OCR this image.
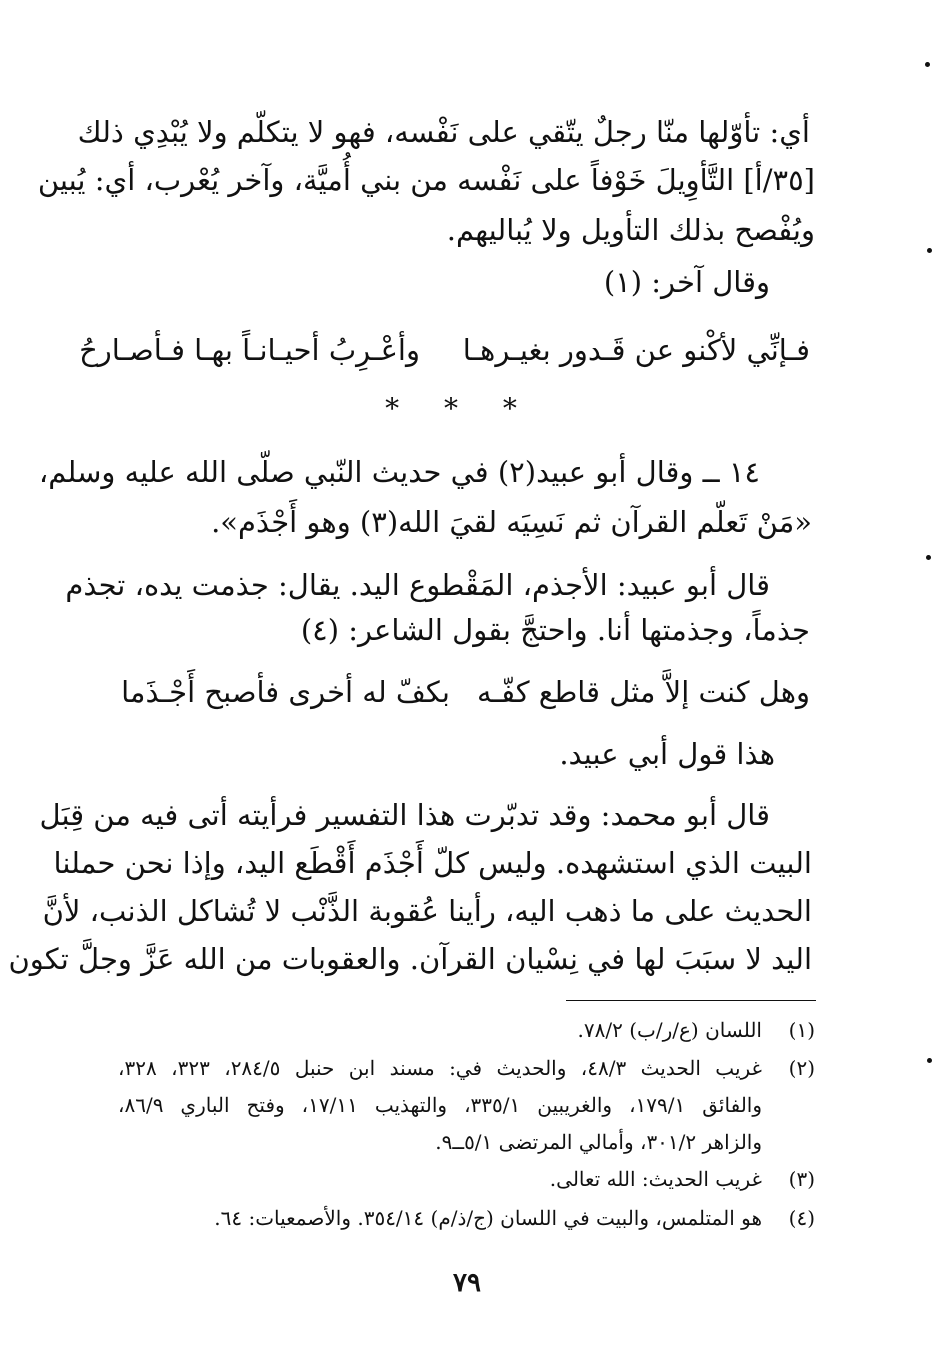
أي: تأوّلها منّا رجلٌ يتّقي على نَفْسه، فهو لا يتكلّم ولا يُبْدِي ذلك
[٣٥/أ] التَّأوِيلَ خَوْفاً على نَفْسه من بني أُميَّة، وآخر يُعْرب، أي: يُبين
ويُفْصح بذلك التأويل ولا يُباليهم.
وقال آخر: (١)
فـإنِّي لأكْنو عن قَـدور بغيـرهـا
وأعْـرِبُ أحيـانـاً بهـا فـأصـارحُ
* * *
١٤ ــ وقال أبو عبيد(٢) في حديث النّبي صلّى الله عليه وسلم،
«مَنْ تَعلّم القرآن ثم نَسِيَه لقيَ الله(٣) وهو أَجْذَم».
قال أبو عبيد: الأجذم، المَقْطوع اليد. يقال: جذمت يده، تجذم
جذماً، وجذمتها أنا. واحتجَّ بقول الشاعر: (٤)
وهل كنت إلاَّ مثل قاطع كفّـه
بكفّ له أخرى فأصبح أَجْـذَما
هذا قول أبي عبيد.
قال أبو محمد: وقد تدبّرت هذا التفسير فرأيته أتى فيه من قِبَل
البيت الذي استشهده. وليس كلّ أَجْذَم أَقْطَع اليد، وإذا نحن حملنا
الحديث على ما ذهب اليه، رأينا عُقوبة الذَّنْب لا تُشاكل الذنب، لأنَّ
اليد لا سبَبَ لها في نِسْيان القرآن. والعقوبات من الله عَزَّ وجلَّ تكون
(١)
اللسان (ع/ر/ب) ٧٨/٢.
(٢)
غريب الحديث ٤٨/٣، والحديث في: مسند ابن حنبل ٢٨٤/٥، ٣٢٣، ٣٢٨،
والفائق ١٧٩/١، والغريبين ٣٣٥/١، والتهذيب ١٧/١١، وفتح الباري ٨٦/٩،
والزاهر ٣٠١/٢، وأمالي المرتضى ٥/١ــ٩.
(٣)
غريب الحديث: الله تعالى.
(٤)
هو المتلمس، والبيت في اللسان (ج/ذ/م) ٣٥٤/١٤. والأصمعيات: ٦٤.
٧٩
